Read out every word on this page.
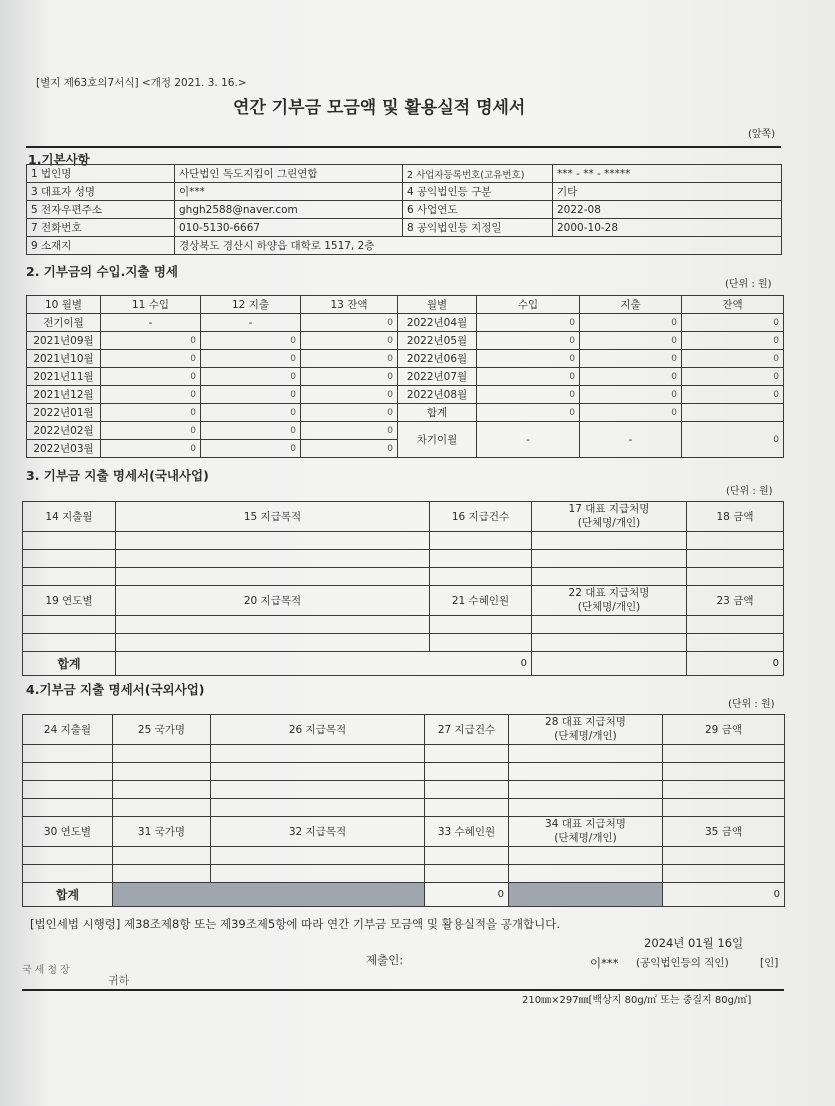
[별지 제63호의7서식] <개정 2021. 3. 16.>
연간 기부금 모금액 및 활용실적 명세서
(앞쪽)
1.기본사항
1 법인명	사단법인 독도지킴이 그린연합	2 사업자등록번호(고유번호)	*** - ** - *****
3 대표자 성명	이***	4 공익법인등 구분	기타
5 전자우편주소	ghgh2588@naver.com	6 사업연도	2022-08
7 전화번호	010-5130-6667	8 공익법인등 지정일	2000-10-28
9 소재지	경상북도 경산시 하양읍 대학로 1517, 2층		
2. 기부금의 수입.지출 명세
(단위 : 원)
10 월별	11 수입	12 지출	13 잔액	월별	수입	지출	잔액
전기이월	-	-	0	2022년04월	0	0	0
2021년09월	0	0	0	2022년05월	0	0	0
2021년10월	0	0	0	2022년06월	0	0	0
2021년11월	0	0	0	2022년07월	0	0	0
2021년12월	0	0	0	2022년08월	0	0	0
2022년01월	0	0	0	합계	0	0	
2022년02월	0	0	0	차기이월	-	-	0
2022년03월	0	0	0				
3. 기부금 지출 명세서(국내사업)
(단위 : 원)
14 지출월	15 지급목적	16 지급건수	17 대표 지급처명
(단체명/개인)	18 금액

19 연도별	20 지급목적	21 수혜인원	22 대표 지급처명
(단체명/개인)	23 금액

합계	0			0
4.기부금 지출 명세서(국외사업)
(단위 : 원)
24 지출월	25 국가명	26 지급목적	27 지급건수	28 대표 지급처명
(단체명/개인)	29 금액

30 연도별	31 국가명	32 지급목적	33 수혜인원	34 대표 지급처명
(단체명/개인)	35 금액

합계			0		0
[법인세법 시행령] 제38조제8항 또는 제39조제5항에 따라 연간 기부금 모금액 및 활용실적을 공개합니다.
2024년 01월 16일
제출인:	이*** (공익법인등의 직인)	[인]
국세청장
귀하
210㎜×297㎜[백상지 80g/㎡ 또는 중질지 80g/㎡]
